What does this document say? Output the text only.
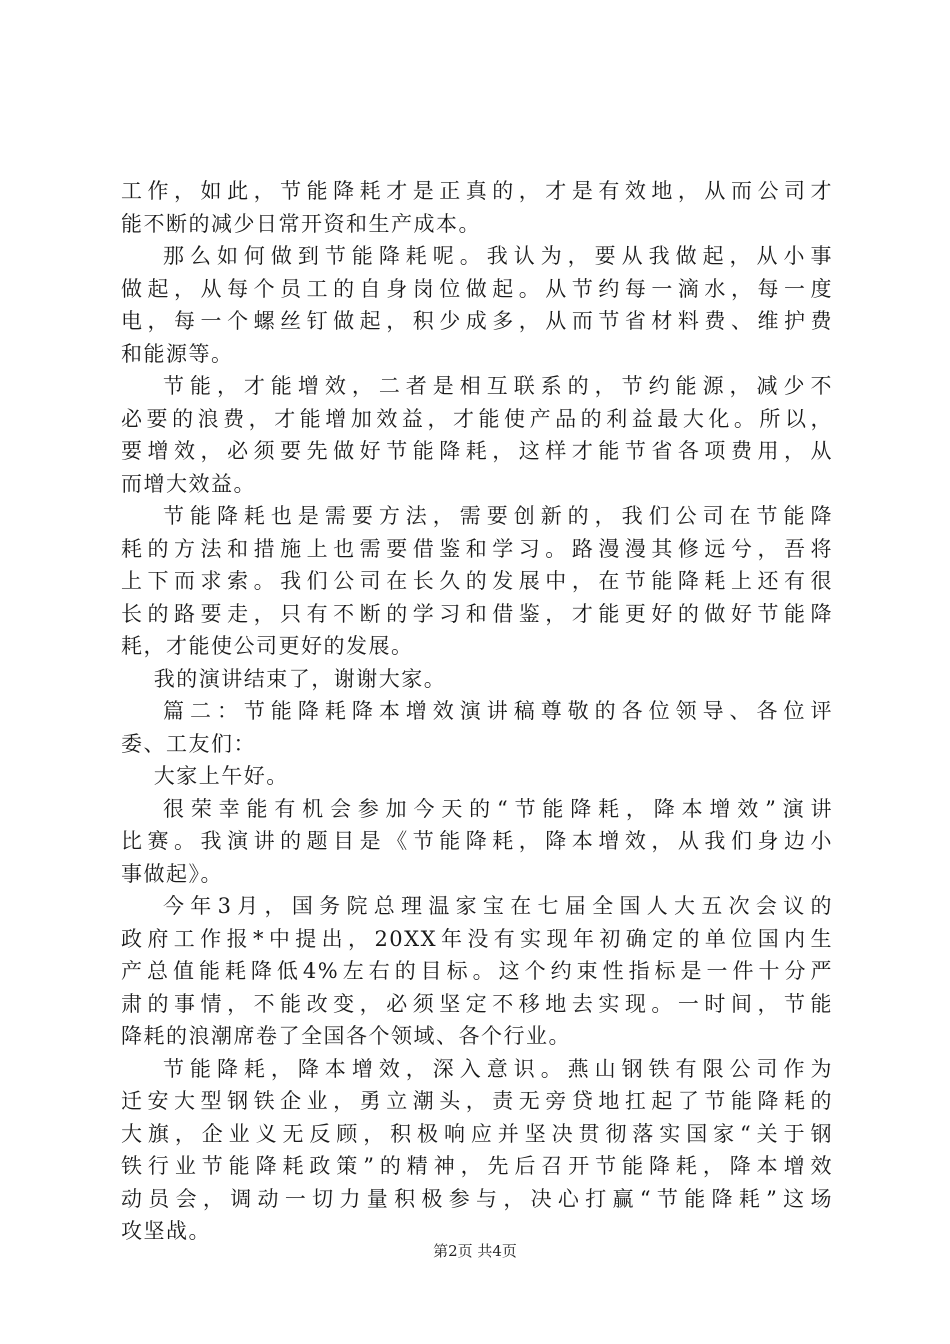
工作，如此，节能降耗才是正真的，才是有效地，从而公司才
能不断的减少日常开资和生产成本。
那么如何做到节能降耗呢。我认为，要从我做起，从小事
做起，从每个员工的自身岗位做起。从节约每一滴水，每一度
电，每一个螺丝钉做起，积少成多，从而节省材料费、维护费
和能源等。
节能，才能增效，二者是相互联系的，节约能源，减少不
必要的浪费，才能增加效益，才能使产品的利益最大化。所以，
要增效，必须要先做好节能降耗，这样才能节省各项费用，从
而增大效益。
节能降耗也是需要方法，需要创新的，我们公司在节能降
耗的方法和措施上也需要借鉴和学习。路漫漫其修远兮，吾将
上下而求索。我们公司在长久的发展中，在节能降耗上还有很
长的路要走，只有不断的学习和借鉴，才能更好的做好节能降
耗，才能使公司更好的发展。
我的演讲结束了，谢谢大家。
篇二：节能降耗降本增效演讲稿尊敬的各位领导、各位评
委、工友们：
大家上午好。
很荣幸能有机会参加今天的“节能降耗，降本增效”演讲
比赛。我演讲的题目是《节能降耗，降本增效，从我们身边小
事做起》。
今年3月，国务院总理温家宝在七届全国人大五次会议的
政府工作报*中提出，20XX年没有实现年初确定的单位国内生
产总值能耗降低4%左右的目标。这个约束性指标是一件十分严
肃的事情，不能改变，必须坚定不移地去实现。一时间，节能
降耗的浪潮席卷了全国各个领域、各个行业。
节能降耗，降本增效，深入意识。燕山钢铁有限公司作为
迁安大型钢铁企业，勇立潮头，责无旁贷地扛起了节能降耗的
大旗，企业义无反顾，积极响应并坚决贯彻落实国家“关于钢
铁行业节能降耗政策”的精神，先后召开节能降耗，降本增效
动员会，调动一切力量积极参与，决心打赢“节能降耗”这场
攻坚战。
第2页 共4页
